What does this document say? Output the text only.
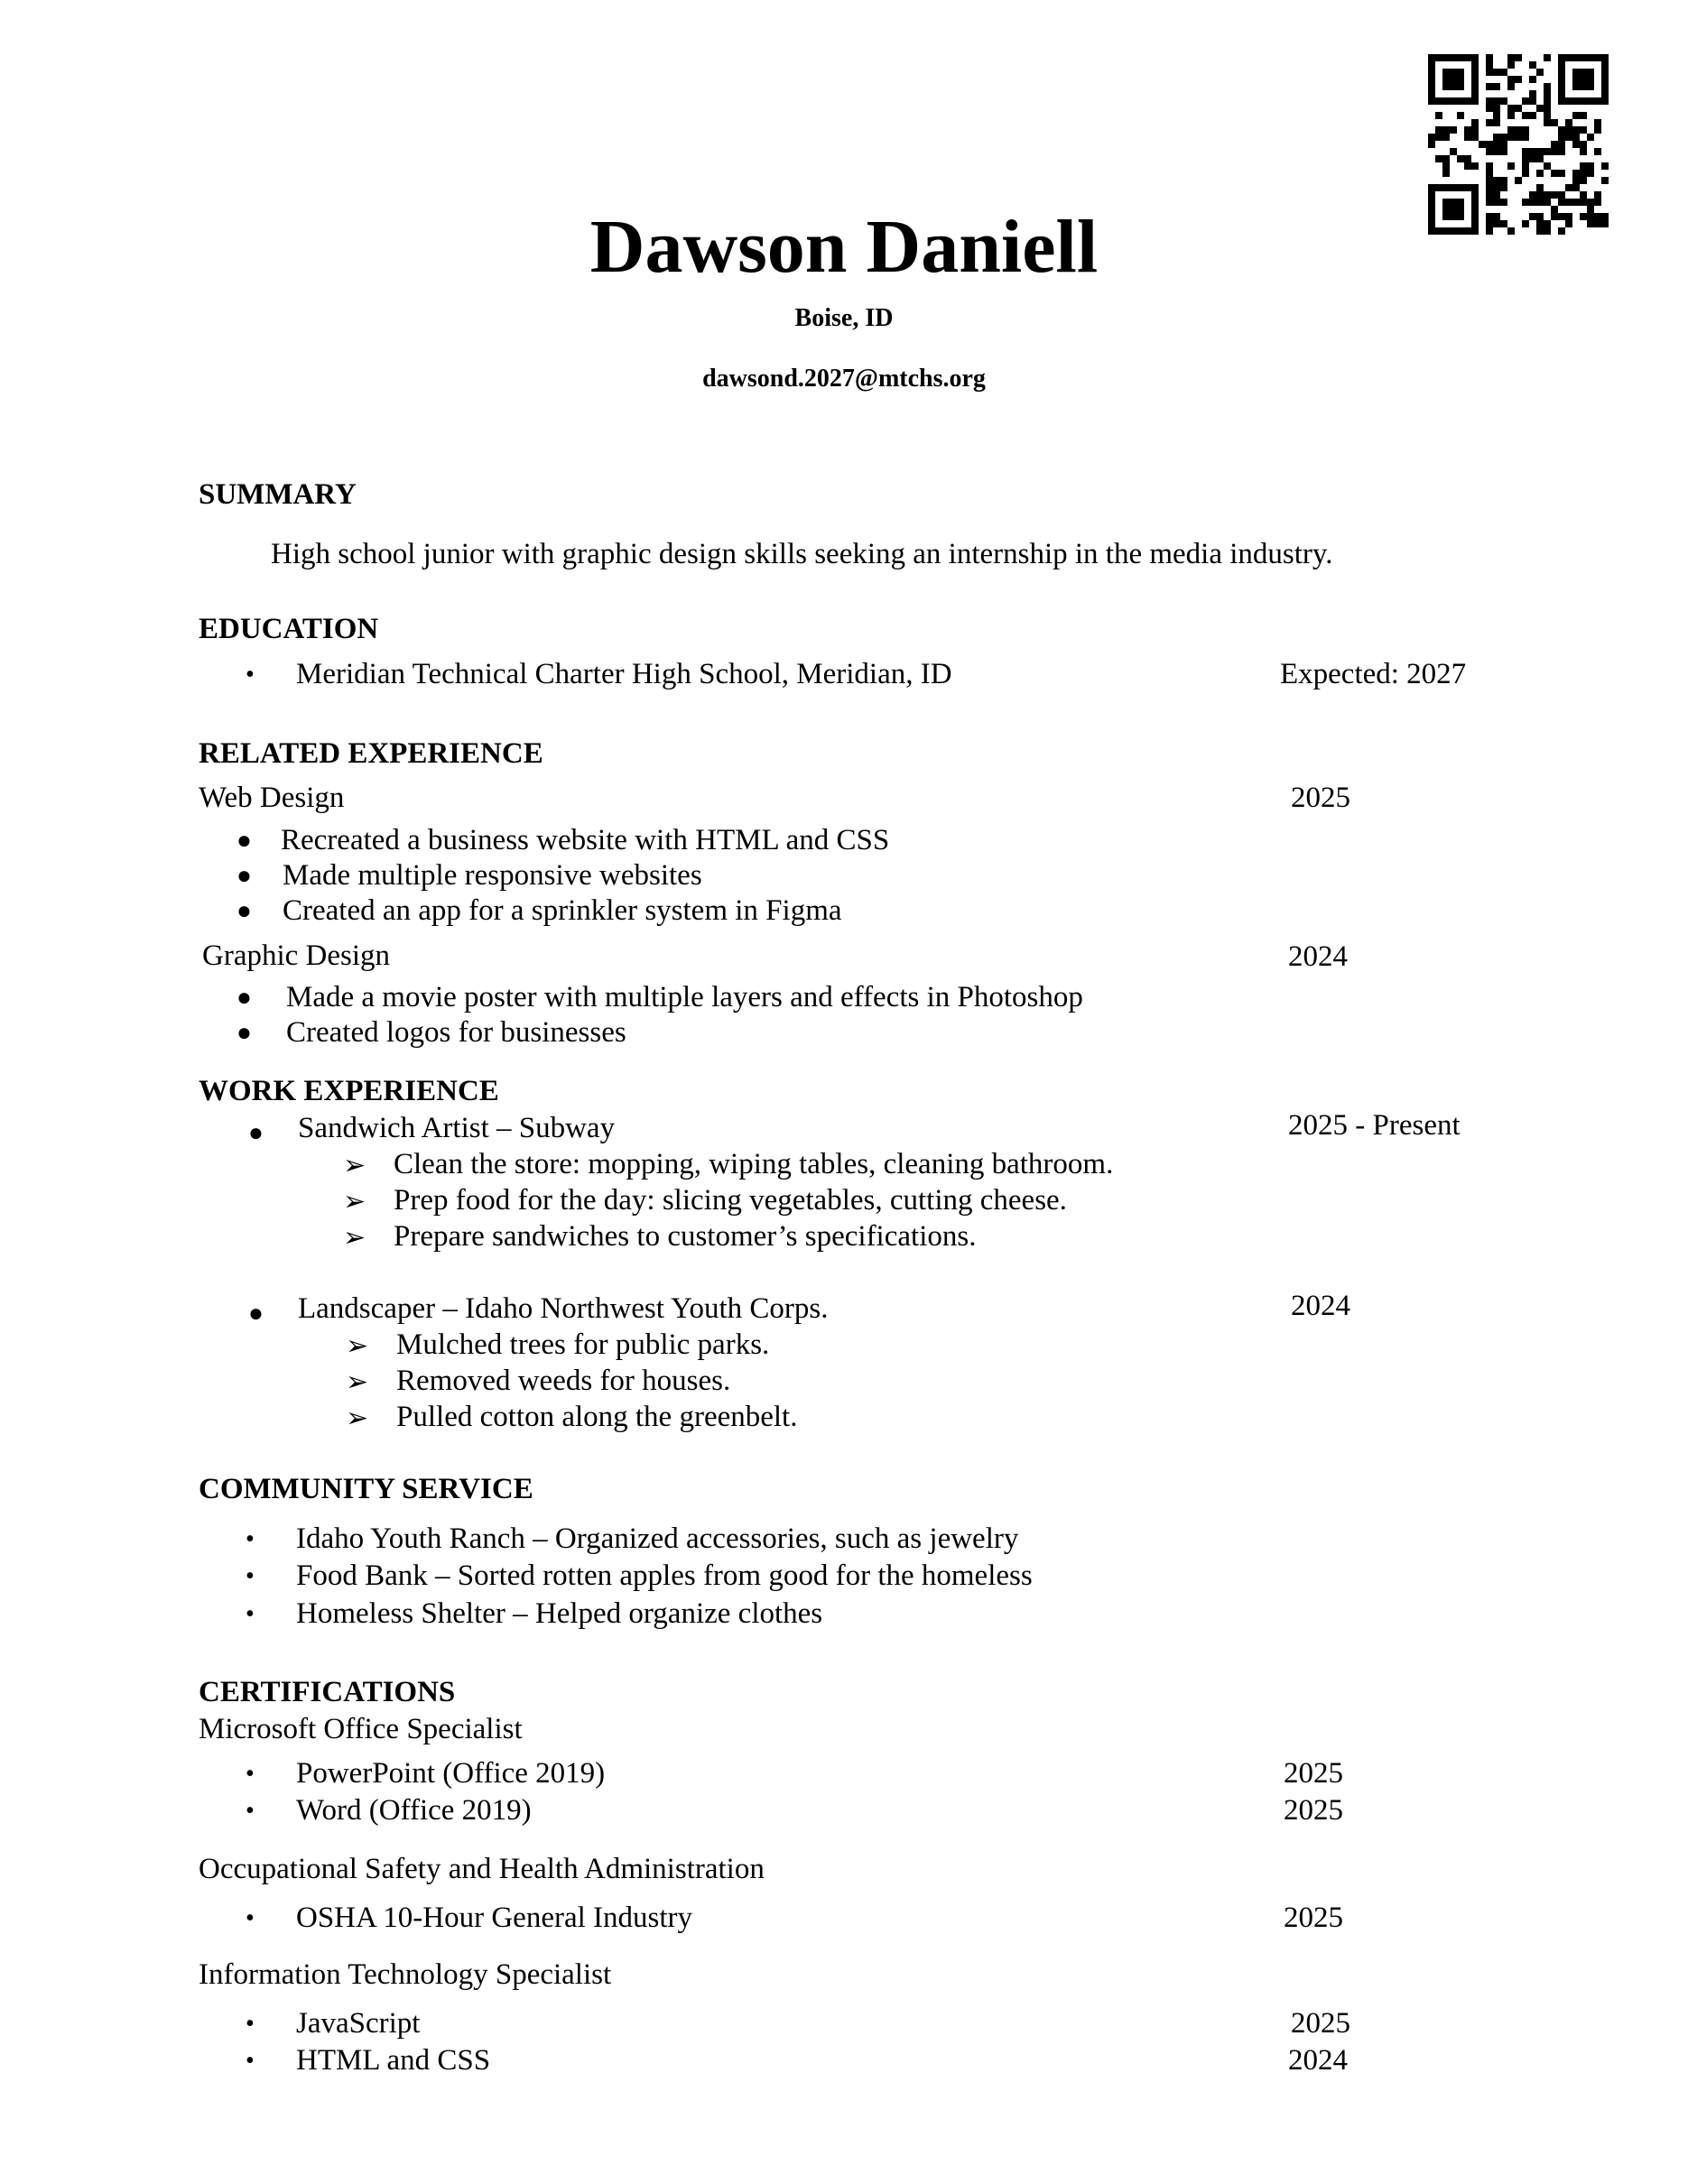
Dawson Daniell
Boise, ID
dawsond.2027@mtchs.org
SUMMARY
High school junior with graphic design skills seeking an internship in the media industry.
EDUCATION
• Meridian Technical Charter High School, Meridian, ID	Expected: 2027
RELATED EXPERIENCE
Web Design	2025
● Recreated a business website with HTML and CSS
● Made multiple responsive websites
● Created an app for a sprinkler system in Figma
Graphic Design	2024
● Made a movie poster with multiple layers and effects in Photoshop
● Created logos for businesses
WORK EXPERIENCE
● Sandwich Artist – Subway	2025 - Present
➢ Clean the store: mopping, wiping tables, cleaning bathroom.
➢ Prep food for the day: slicing vegetables, cutting cheese.
➢ Prepare sandwiches to customer’s specifications.
● Landscaper – Idaho Northwest Youth Corps.	2024
➢ Mulched trees for public parks.
➢ Removed weeds for houses.
➢ Pulled cotton along the greenbelt.
COMMUNITY SERVICE
• Idaho Youth Ranch – Organized accessories, such as jewelry
• Food Bank – Sorted rotten apples from good for the homeless
• Homeless Shelter – Helped organize clothes
CERTIFICATIONS
Microsoft Office Specialist
• PowerPoint (Office 2019)	2025
• Word (Office 2019)	2025
Occupational Safety and Health Administration
• OSHA 10-Hour General Industry	2025
Information Technology Specialist
• JavaScript	2025
• HTML and CSS	2024
